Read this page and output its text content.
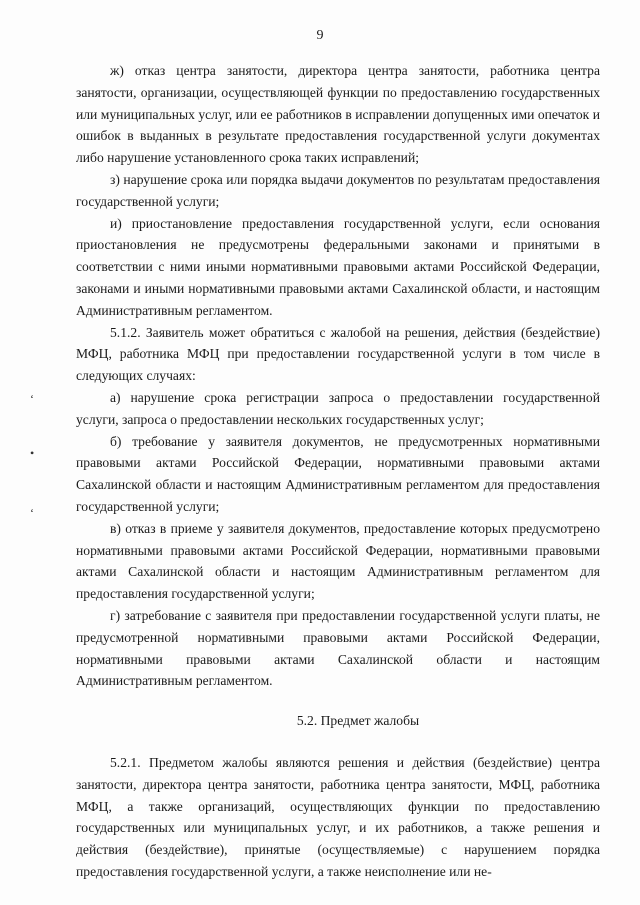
9
ʻ
•
ʻ

ж) отказ центра занятости, директора центра занятости, работника центра занятости, организации, осуществляющей функции по предоставлению государственных или муниципальных услуг, или ее работников в исправлении допущенных ими опечаток и ошибок в выданных в результате предоставления государственной услуги документах либо нарушение установленного срока таких исправлений;

з) нарушение срока или порядка выдачи документов по результатам предоставления государственной услуги;

и) приостановление предоставления государственной услуги, если основания приостановления не предусмотрены федеральными законами и принятыми в соответствии с ними иными нормативными правовыми актами Российской Федерации, законами и иными нормативными правовыми актами Сахалинской области, и настоящим Административным регламентом.

5.1.2. Заявитель может обратиться с жалобой на решения, действия (бездействие) МФЦ, работника МФЦ при предоставлении государственной услуги в том числе в следующих случаях:

а) нарушение срока регистрации запроса о предоставлении государственной услуги, запроса о предоставлении нескольких государственных услуг;

б) требование у заявителя документов, не предусмотренных нормативными правовыми актами Российской Федерации, нормативными правовыми актами Сахалинской области и настоящим Административным регламентом для предоставления государственной услуги;

в) отказ в приеме у заявителя документов, предоставление которых предусмотрено нормативными правовыми актами Российской Федерации, нормативными правовыми актами Сахалинской области и настоящим Административным регламентом для предоставления государственной услуги;

г) затребование с заявителя при предоставлении государственной услуги платы, не предусмотренной нормативными правовыми актами Российской Федерации, нормативными правовыми актами Сахалинской области и настоящим Административным регламентом.

5.2. Предмет жалобы

5.2.1. Предметом жалобы являются решения и действия (бездействие) центра занятости, директора центра занятости, работника центра занятости, МФЦ, работника МФЦ, а также организаций, осуществляющих функции по предоставлению государственных или муниципальных услуг, и их работников, а также решения и действия (бездействие), принятые (осуществляемые) с нарушением порядка предоставления государственной услуги, а также неисполнение или не-
